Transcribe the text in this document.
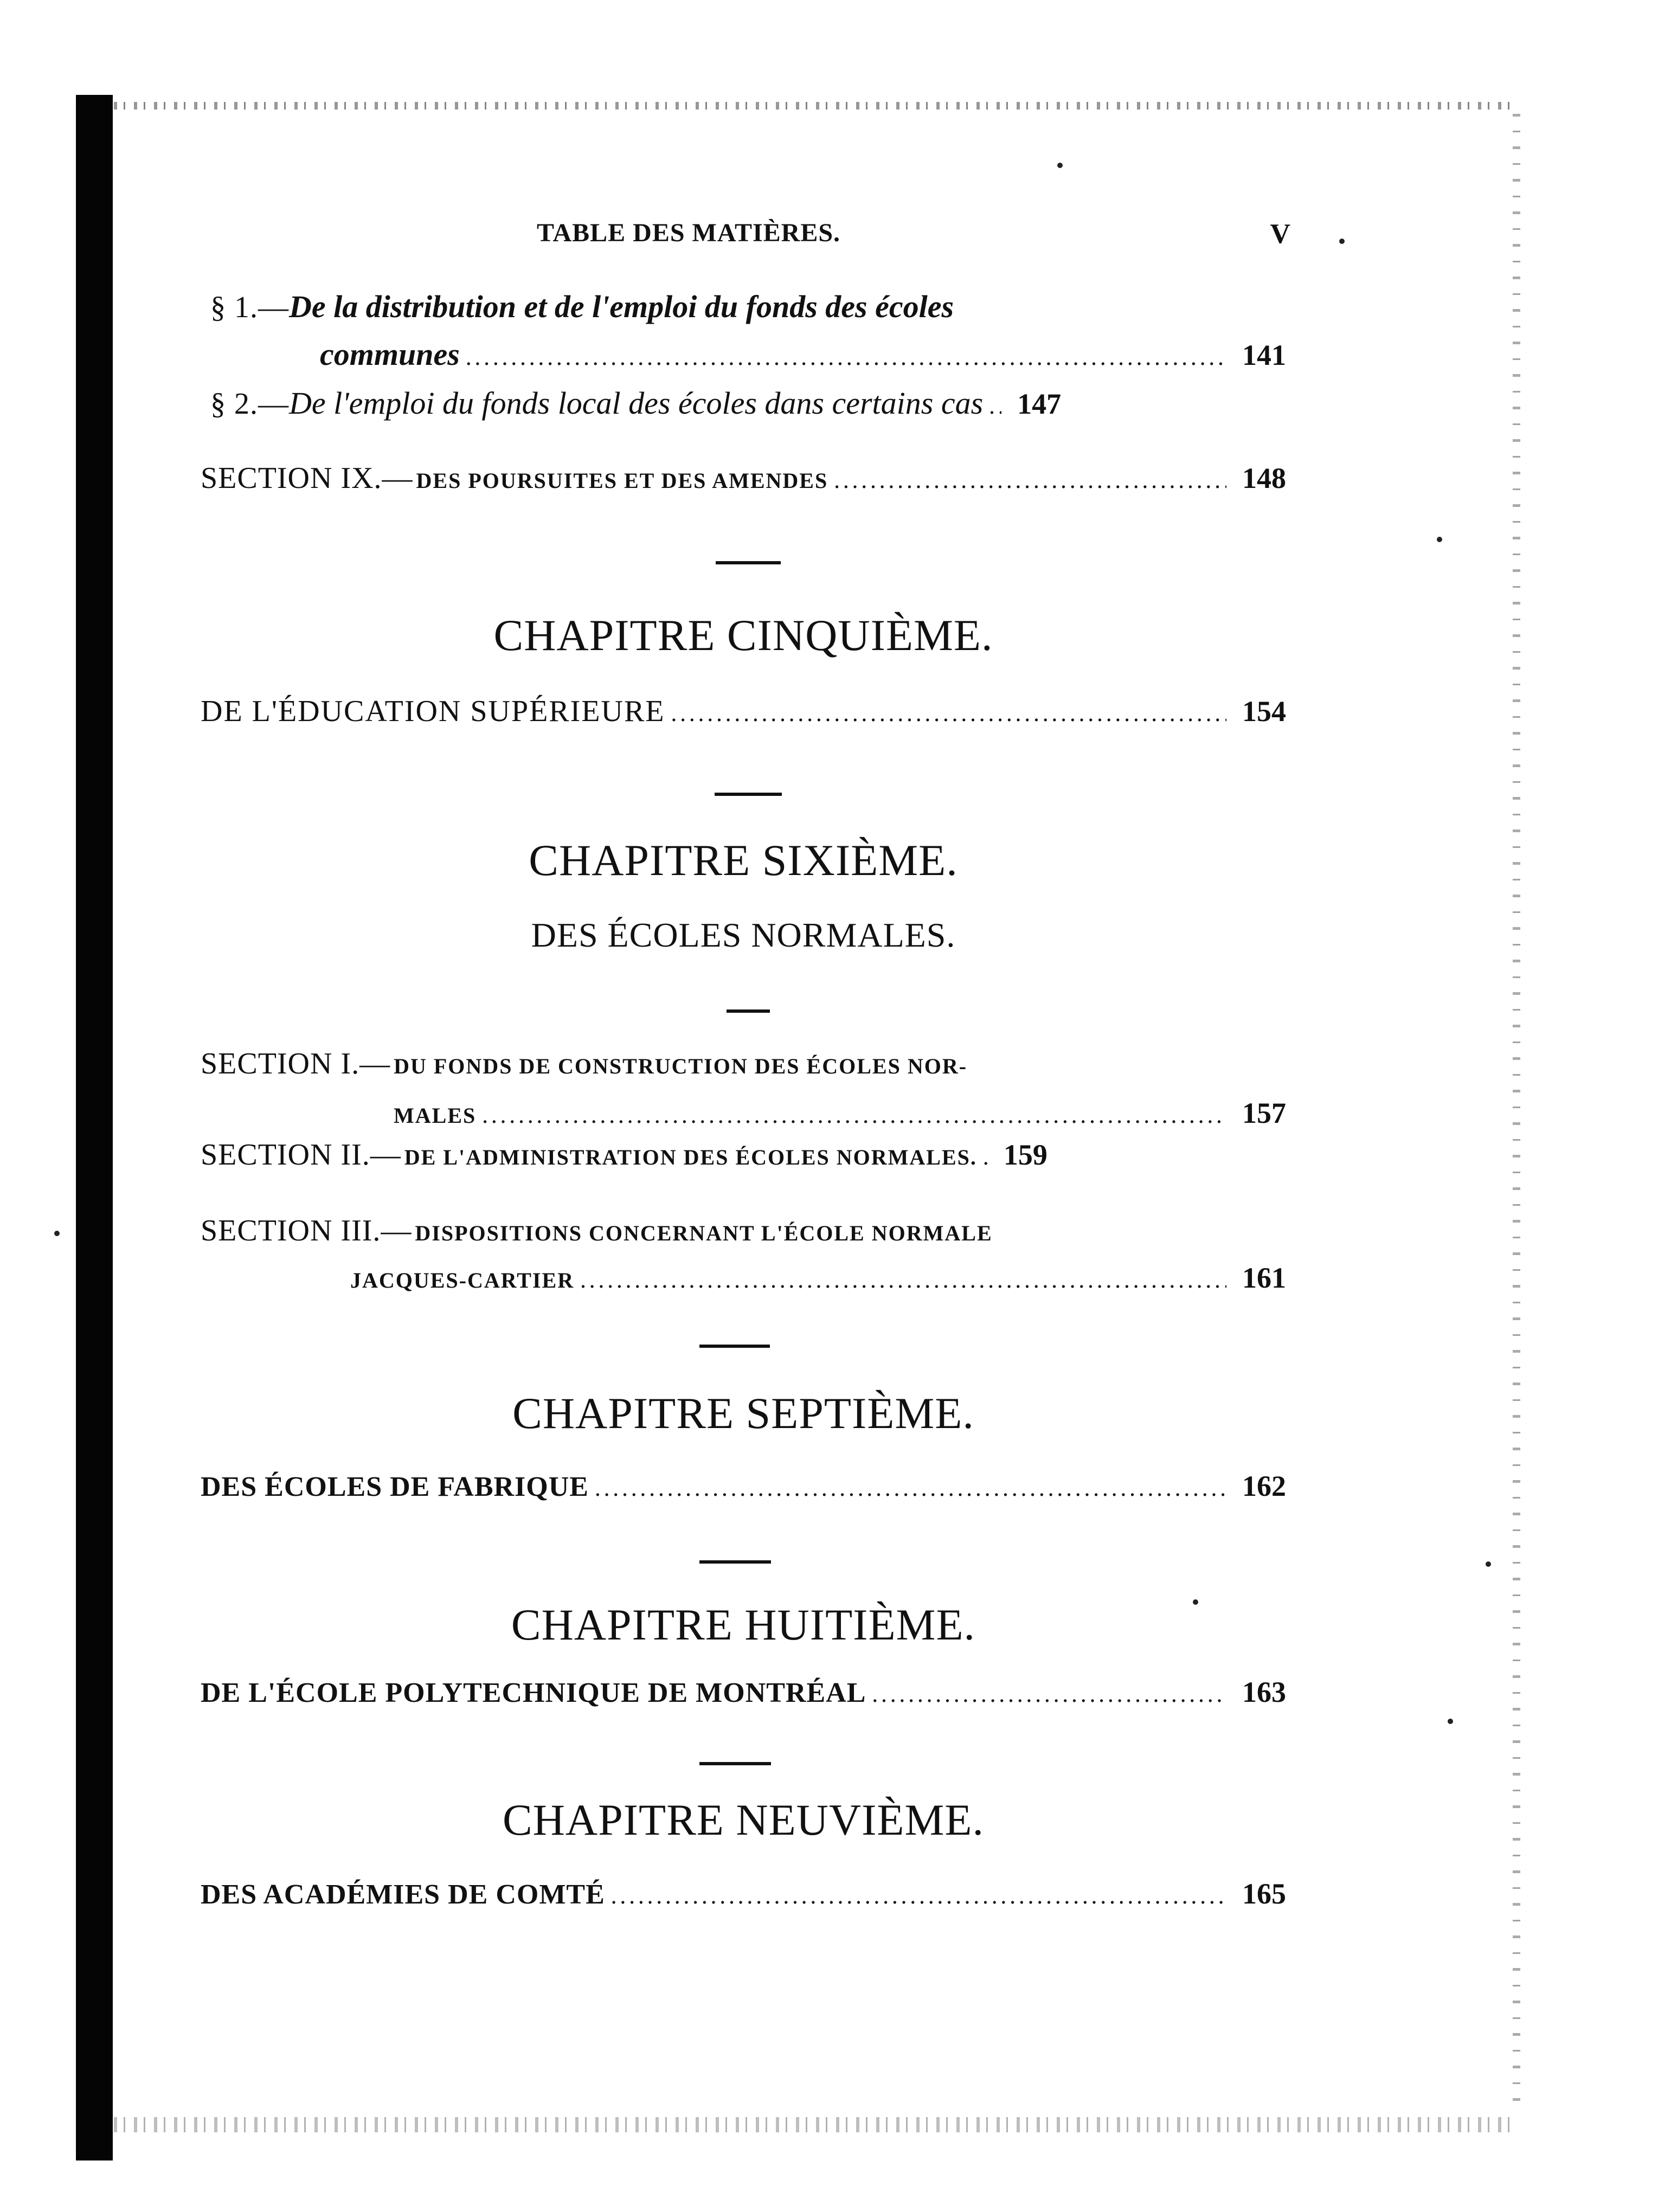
TABLE DES MATIÈRES.	V
§ 1.— De la distribution et de l'emploi du fonds des écoles
communes .....	141
§ 2.— De l'emploi du fonds local des écoles dans certains cas .....	147
SECTION IX.— DES POURSUITES ET DES AMENDES .....	148
CHAPITRE CINQUIÈME.
DE L'ÉDUCATION SUPÉRIEURE .....	154
CHAPITRE SIXIÈME.
DES ÉCOLES NORMALES.
SECTION I.— DU FONDS DE CONSTRUCTION DES ÉCOLES NOR-
MALES .....	157
SECTION II.— DE L'ADMINISTRATION DES ÉCOLES NORMALES. ..... 159
SECTION III.— DISPOSITIONS CONCERNANT L'ÉCOLE NORMALE
JACQUES-CARTIER .....	161
CHAPITRE SEPTIÈME.
DES ÉCOLES DE FABRIQUE .....	162
CHAPITRE HUITIÈME.
DE L'ÉCOLE POLYTECHNIQUE DE MONTRÉAL .....	163
CHAPITRE NEUVIÈME.
DES ACADÉMIES DE COMTÉ .....	165
